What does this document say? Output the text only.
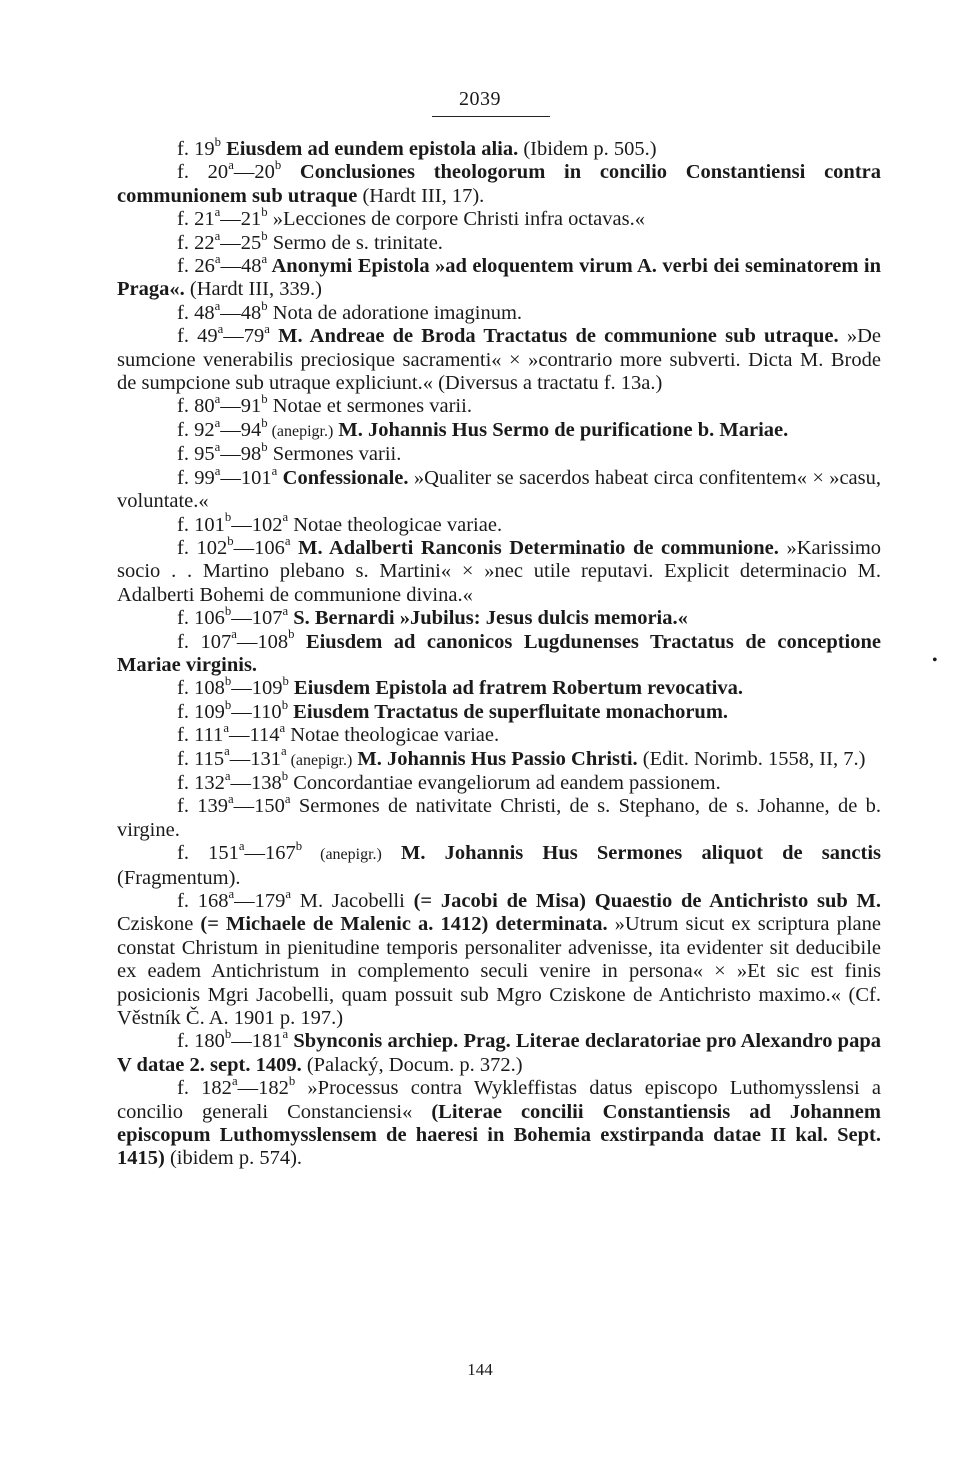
2039

f. 19$^b$ Eiusdem ad eundem epistola alia. (Ibidem p. 505.)

f. 20$^a$—20$^b$ Conclusiones theologorum in concilio Constantiensi contra communionem sub utraque (Hardt III, 17).

f. 21$^a$—21$^b$ »Lecciones de corpore Christi infra octavas.«

f. 22$^a$—25$^b$ Sermo de s. trinitate.

f. 26$^a$—48$^a$ Anonymi Epistola »ad eloquentem virum A. verbi dei seminatorem in Praga«. (Hardt III, 339.)

f. 48$^a$—48$^b$ Nota de adoratione imaginum.

f. 49$^a$—79$^a$ M. Andreae de Broda Tractatus de communione sub utraque. »De sumcione venerabilis preciosique sacramenti« × »contrario more subverti. Dicta M. Brode de sumpcione sub utraque expliciunt.« (Diversus a tractatu f. 13a.)

f. 80$^a$—91$^b$ Notae et sermones varii.

f. 92$^a$—94$^b$ (anepigr.) M. Johannis Hus Sermo de purificatione b. Mariae.

f. 95$^a$—98$^b$ Sermones varii.

f. 99$^a$—101$^a$ Confessionale. »Qualiter se sacerdos habeat circa confitentem« × »casu, voluntate.«

f. 101$^b$—102$^a$ Notae theologicae variae.

f. 102$^b$—106$^a$ M. Adalberti Ranconis Determinatio de communione. »Karissimo socio . . Martino plebano s. Martini« × »nec utile reputavi. Explicit determinacio M. Adalberti Bohemi de communione divina.«

f. 106$^b$—107$^a$ S. Bernardi »Jubilus: Jesus dulcis memoria.«

f. 107$^a$—108$^b$ Eiusdem ad canonicos Lugdunenses Tractatus de conceptione Mariae virginis.

f. 108$^b$—109$^b$ Eiusdem Epistola ad fratrem Robertum revocativa.

f. 109$^b$—110$^b$ Eiusdem Tractatus de superfluitate monachorum.

f. 111$^a$—114$^a$ Notae theologicae variae.

f. 115$^a$—131$^a$ (anepigr.) M. Johannis Hus Passio Christi. (Edit. Norimb. 1558, II, 7.)

f. 132$^a$—138$^b$ Concordantiae evangeliorum ad eandem passionem.

f. 139$^a$—150$^a$ Sermones de nativitate Christi, de s. Stephano, de s. Johanne, de b. virgine.

f. 151$^a$—167$^b$ (anepigr.) M. Johannis Hus Sermones aliquot de sanctis (Fragmentum).

f. 168$^a$—179$^a$ M. Jacobelli (= Jacobi de Misa) Quaestio de Antichristo sub M. Cziskone (= Michaele de Malenic a. 1412) determinata. »Utrum sicut ex scriptura plane constat Christum in pienitudine temporis personaliter advenisse, ita evidenter sit deducibile ex eadem Antichristum in complemento seculi venire in persona« × »Et sic est finis posicionis Mgri Jacobelli, quam possuit sub Mgro Cziskone de Antichristo maximo.« (Cf. Věstník Č. A. 1901 p. 197.)

f. 180$^b$—181$^a$ Sbynconis archiep. Prag. Literae declaratoriae pro Alexandro papa V datae 2. sept. 1409. (Palacký, Docum. p. 372.)

f. 182$^a$—182$^b$ »Processus contra Wykleffistas datus episcopo Luthomysslensi a concilio generali Constanciensi« (Literae concilii Constantiensis ad Johannem episcopum Luthomysslensem de haeresi in Bohemia exstirpanda datae II kal. Sept. 1415) (ibidem p. 574).

•
144
